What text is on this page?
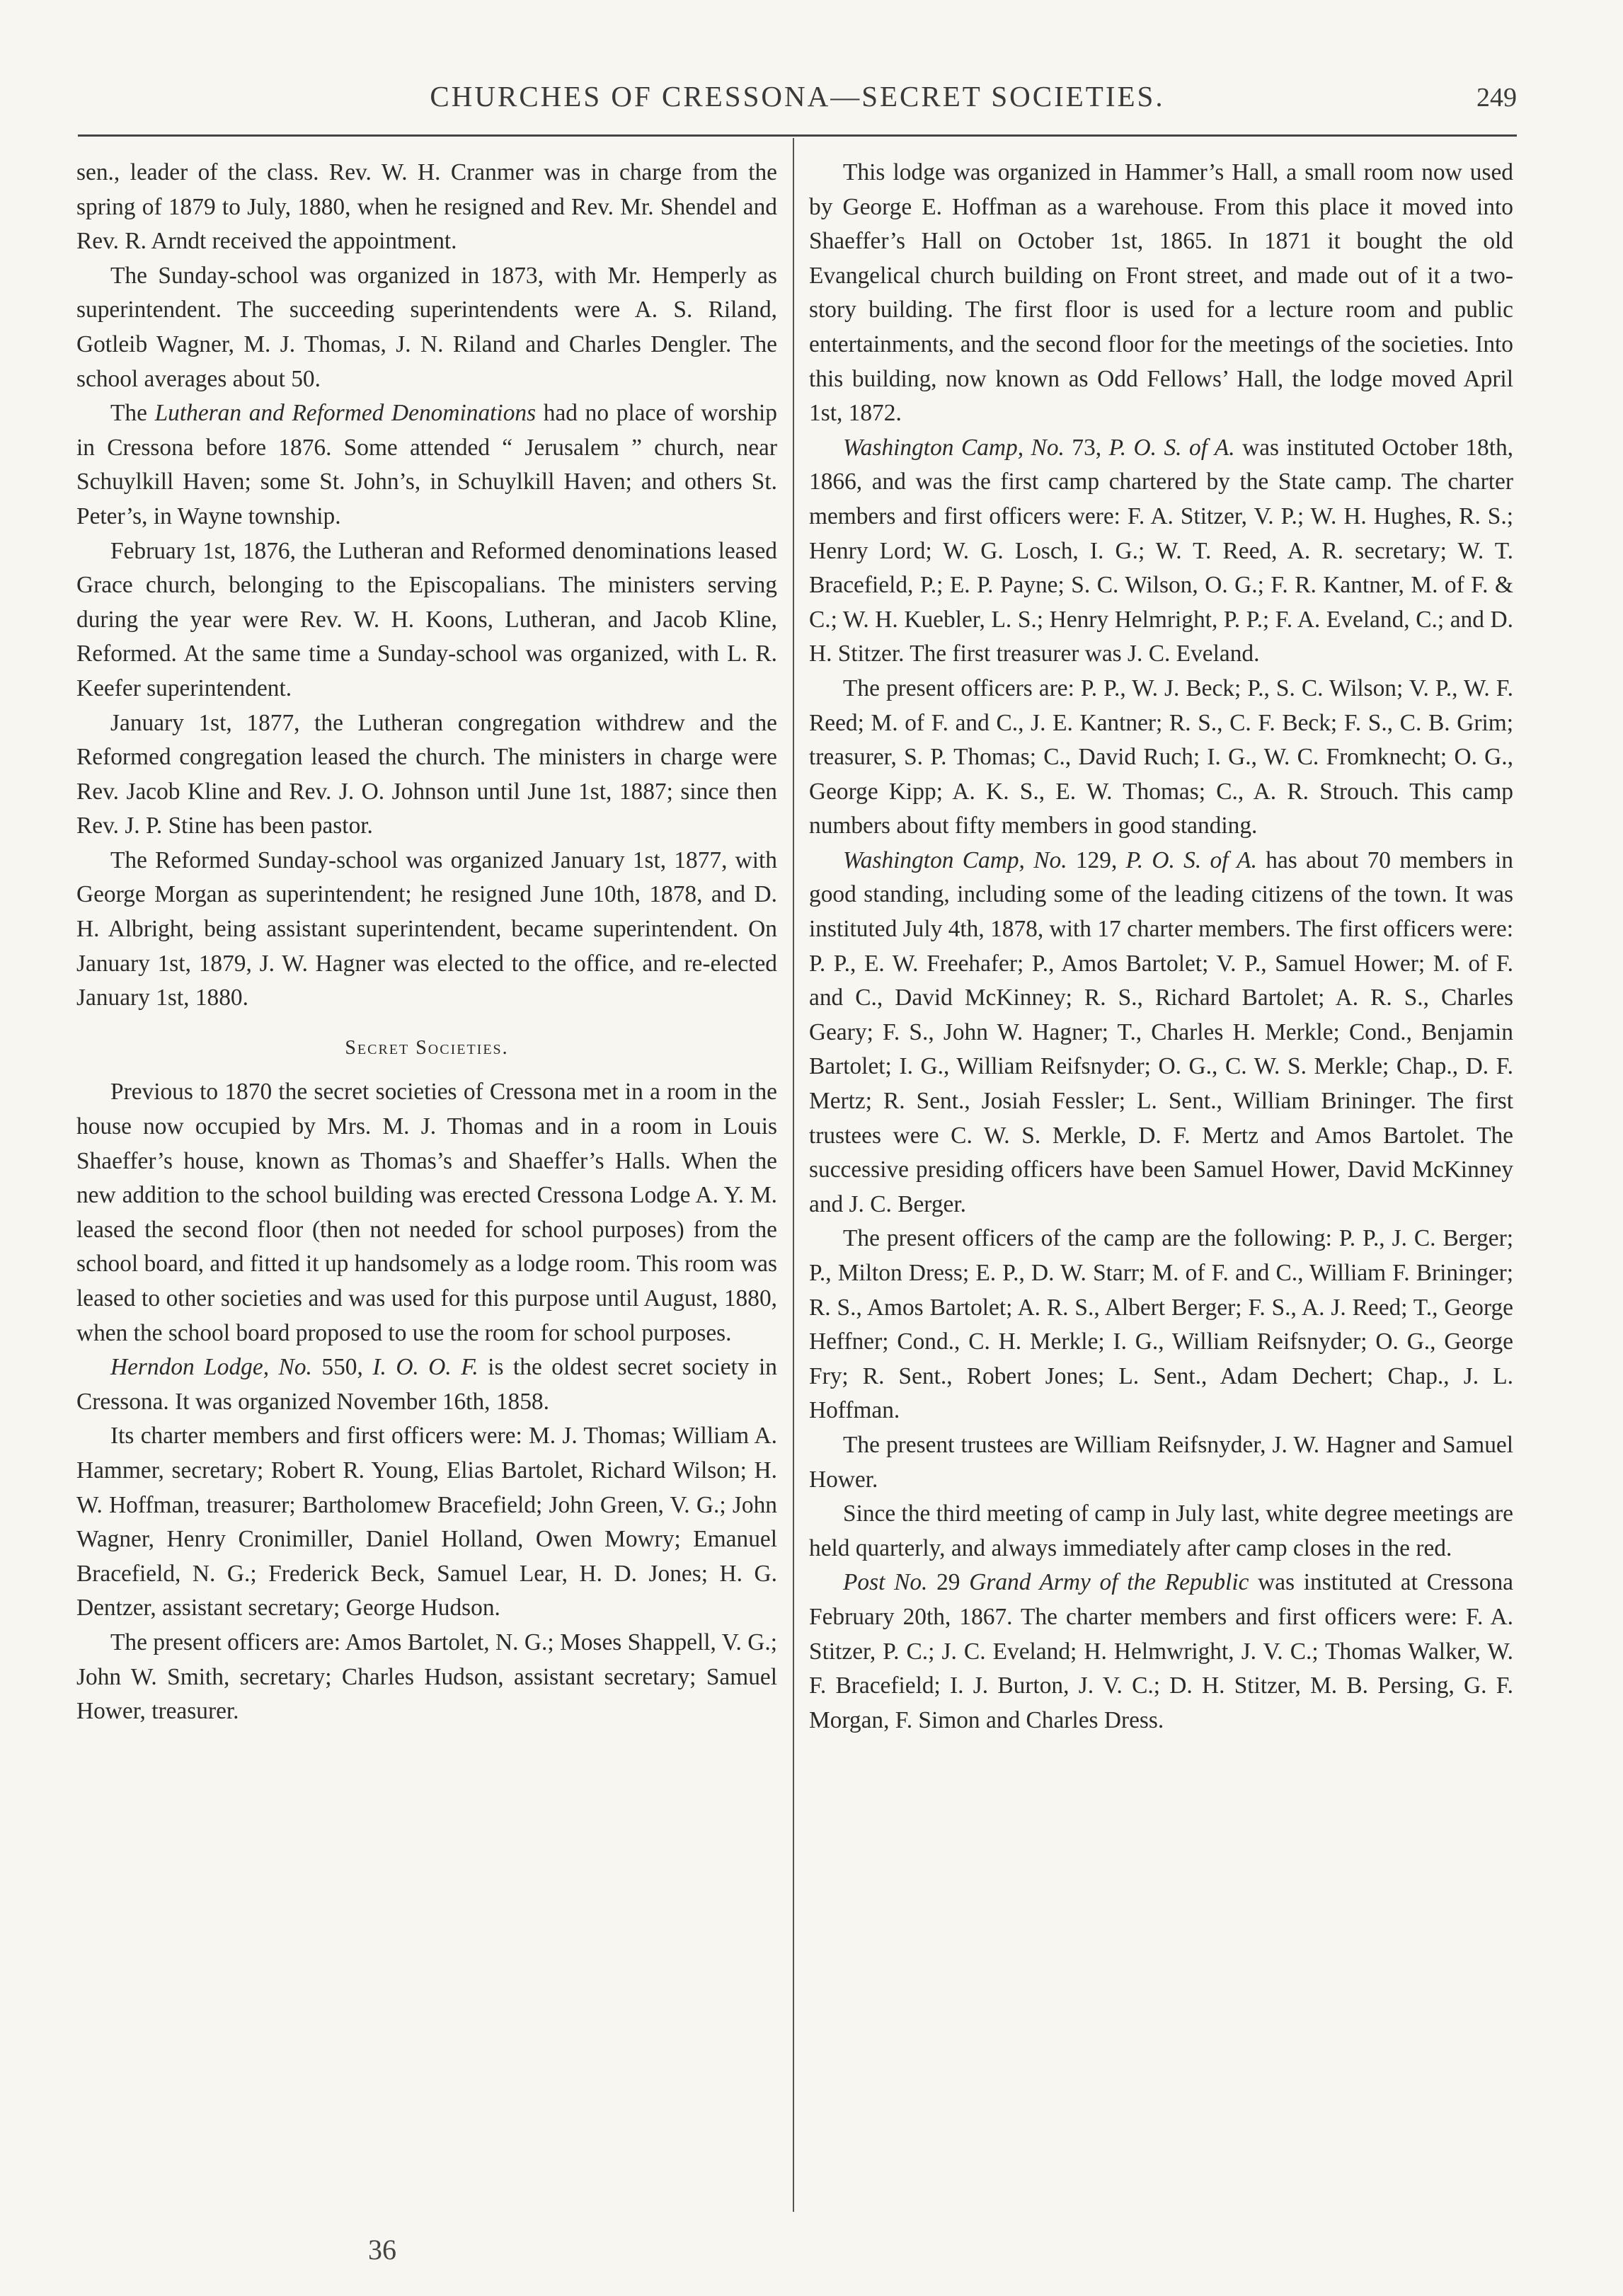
CHURCHES OF CRESSONA—SECRET SOCIETIES.	249

sen., leader of the class. Rev. W. H. Cranmer was in charge from the spring of 1879 to July, 1880, when he resigned and Rev. Mr. Shendel and Rev. R. Arndt received the appointment.

The Sunday-school was organized in 1873, with Mr. Hemperly as superintendent. The succeeding superintendents were A. S. Riland, Gotleib Wagner, M. J. Thomas, J. N. Riland and Charles Dengler. The school averages about 50.

The Lutheran and Reformed Denominations had no place of worship in Cressona before 1876. Some attended “ Jerusalem ” church, near Schuylkill Haven; some St. John’s, in Schuylkill Haven; and others St. Peter’s, in Wayne township.

February 1st, 1876, the Lutheran and Reformed denominations leased Grace church, belonging to the Episcopalians. The ministers serving during the year were Rev. W. H. Koons, Lutheran, and Jacob Kline, Reformed. At the same time a Sunday-school was organized, with L. R. Keefer superintendent.

January 1st, 1877, the Lutheran congregation withdrew and the Reformed congregation leased the church. The ministers in charge were Rev. Jacob Kline and Rev. J. O. Johnson until June 1st, 1887; since then Rev. J. P. Stine has been pastor.

The Reformed Sunday-school was organized January 1st, 1877, with George Morgan as superintendent; he resigned June 10th, 1878, and D. H. Albright, being assistant superintendent, became superintendent. On January 1st, 1879, J. W. Hagner was elected to the office, and re-elected January 1st, 1880.

Secret Societies.

Previous to 1870 the secret societies of Cressona met in a room in the house now occupied by Mrs. M. J. Thomas and in a room in Louis Shaeffer’s house, known as Thomas’s and Shaeffer’s Halls. When the new addition to the school building was erected Cressona Lodge A. Y. M. leased the second floor (then not needed for school purposes) from the school board, and fitted it up handsomely as a lodge room. This room was leased to other societies and was used for this purpose until August, 1880, when the school board proposed to use the room for school purposes.

Herndon Lodge, No. 550, I. O. O. F. is the oldest secret society in Cressona. It was organized November 16th, 1858.

Its charter members and first officers were: M. J. Thomas; William A. Hammer, secretary; Robert R. Young, Elias Bartolet, Richard Wilson; H. W. Hoffman, treasurer; Bartholomew Bracefield; John Green, V. G.; John Wagner, Henry Cronimiller, Daniel Holland, Owen Mowry; Emanuel Bracefield, N. G.; Frederick Beck, Samuel Lear, H. D. Jones; H. G. Dentzer, assistant secretary; George Hudson.

The present officers are: Amos Bartolet, N. G.; Moses Shappell, V. G.; John W. Smith, secretary; Charles Hudson, assistant secretary; Samuel Hower, treasurer.

This lodge was organized in Hammer’s Hall, a small room now used by George E. Hoffman as a warehouse. From this place it moved into Shaeffer’s Hall on October 1st, 1865. In 1871 it bought the old Evangelical church building on Front street, and made out of it a two-story building. The first floor is used for a lecture room and public entertainments, and the second floor for the meetings of the societies. Into this building, now known as Odd Fellows’ Hall, the lodge moved April 1st, 1872.

Washington Camp, No. 73, P. O. S. of A. was instituted October 18th, 1866, and was the first camp chartered by the State camp. The charter members and first officers were: F. A. Stitzer, V. P.; W. H. Hughes, R. S.; Henry Lord; W. G. Losch, I. G.; W. T. Reed, A. R. secretary; W. T. Bracefield, P.; E. P. Payne; S. C. Wilson, O. G.; F. R. Kantner, M. of F. & C.; W. H. Kuebler, L. S.; Henry Helmright, P. P.; F. A. Eveland, C.; and D. H. Stitzer. The first treasurer was J. C. Eveland.

The present officers are: P. P., W. J. Beck; P., S. C. Wilson; V. P., W. F. Reed; M. of F. and C., J. E. Kantner; R. S., C. F. Beck; F. S., C. B. Grim; treasurer, S. P. Thomas; C., David Ruch; I. G., W. C. Fromknecht; O. G., George Kipp; A. K. S., E. W. Thomas; C., A. R. Strouch. This camp numbers about fifty members in good standing.

Washington Camp, No. 129, P. O. S. of A. has about 70 members in good standing, including some of the leading citizens of the town. It was instituted July 4th, 1878, with 17 charter members. The first officers were: P. P., E. W. Freehafer; P., Amos Bartolet; V. P., Samuel Hower; M. of F. and C., David McKinney; R. S., Richard Bartolet; A. R. S., Charles Geary; F. S., John W. Hagner; T., Charles H. Merkle; Cond., Benjamin Bartolet; I. G., William Reifsnyder; O. G., C. W. S. Merkle; Chap., D. F. Mertz; R. Sent., Josiah Fessler; L. Sent., William Brininger. The first trustees were C. W. S. Merkle, D. F. Mertz and Amos Bartolet. The successive presiding officers have been Samuel Hower, David McKinney and J. C. Berger.

The present officers of the camp are the following: P. P., J. C. Berger; P., Milton Dress; E. P., D. W. Starr; M. of F. and C., William F. Brininger; R. S., Amos Bartolet; A. R. S., Albert Berger; F. S., A. J. Reed; T., George Heffner; Cond., C. H. Merkle; I. G., William Reifsnyder; O. G., George Fry; R. Sent., Robert Jones; L. Sent., Adam Dechert; Chap., J. L. Hoffman.

The present trustees are William Reifsnyder, J. W. Hagner and Samuel Hower.

Since the third meeting of camp in July last, white degree meetings are held quarterly, and always immediately after camp closes in the red.

Post No. 29 Grand Army of the Republic was instituted at Cressona February 20th, 1867. The charter members and first officers were: F. A. Stitzer, P. C.; J. C. Eveland; H. Helmwright, J. V. C.; Thomas Walker, W. F. Bracefield; I. J. Burton, J. V. C.; D. H. Stitzer, M. B. Persing, G. F. Morgan, F. Simon and Charles Dress.

36
